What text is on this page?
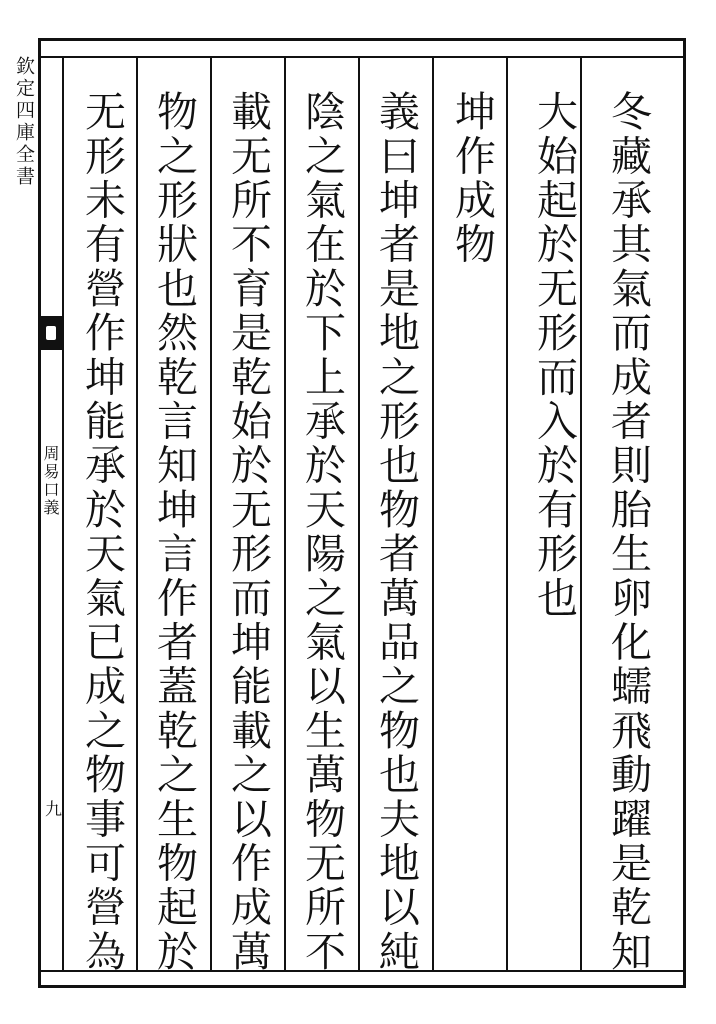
欽定四庫全書
周易口義
九	冬藏承其氣而成者則胎生卵化蠕飛動躍是乾知
大始起於无形而入於有形也
坤作成物
義曰坤者是地之形也物者萬品之物也夫地以純
陰之氣在於下上承於天陽之氣以生萬物无所不
載无所不育是乾始於无形而坤能載之以作成萬
物之形狀也然乾言知坤言作者蓋乾之生物起於
无形未有營作坤能承於天氣已成之物事可營為
